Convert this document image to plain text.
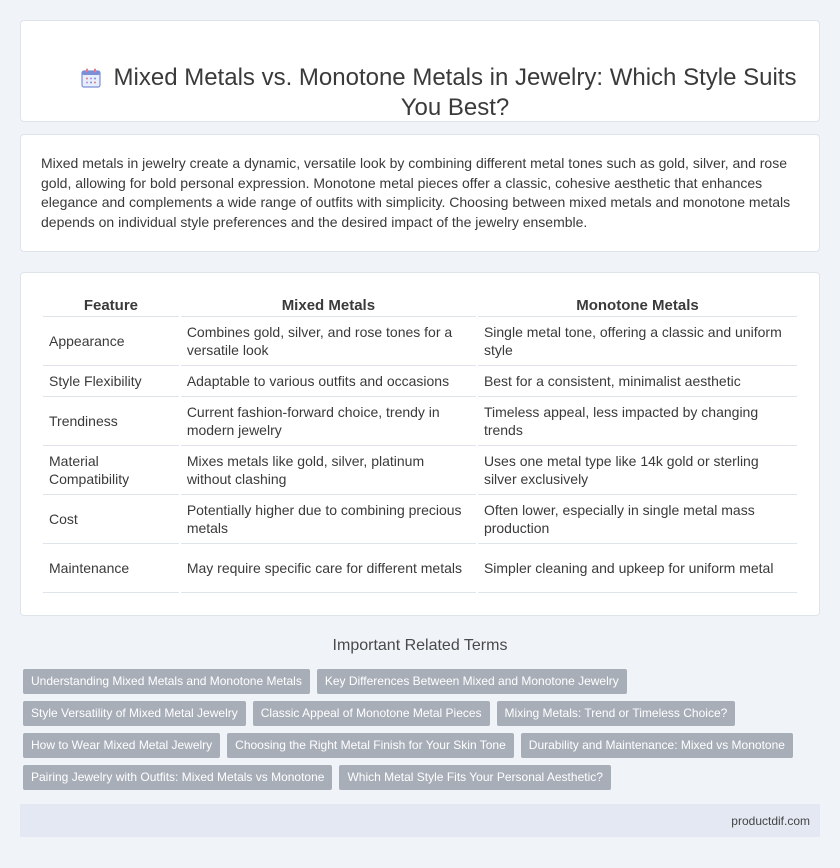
Mixed Metals vs. Monotone Metals in Jewelry: Which Style Suits You Best?

Mixed metals in jewelry create a dynamic, versatile look by combining different metal tones such as gold, silver, and rose gold, allowing for bold personal expression. Monotone metal pieces offer a classic, cohesive aesthetic that enhances elegance and complements a wide range of outfits with simplicity. Choosing between mixed metals and monotone metals depends on individual style preferences and the desired impact of the jewelry ensemble.

Feature	Mixed Metals	Monotone Metals
Appearance	Combines gold, silver, and rose tones for a versatile look	Single metal tone, offering a classic and uniform style
Style Flexibility	Adaptable to various outfits and occasions	Best for a consistent, minimalist aesthetic
Trendiness	Current fashion-forward choice, trendy in modern jewelry	Timeless appeal, less impacted by changing trends
Material Compatibility	Mixes metals like gold, silver, platinum without clashing	Uses one metal type like 14k gold or sterling silver exclusively
Cost	Potentially higher due to combining precious metals	Often lower, especially in single metal mass production
Maintenance	May require specific care for different metals	Simpler cleaning and upkeep for uniform metal
Important Related Terms
Understanding Mixed Metals and Monotone Metals Key Differences Between Mixed and Monotone Jewelry
Style Versatility of Mixed Metal Jewelry Classic Appeal of Monotone Metal Pieces Mixing Metals: Trend or Timeless Choice?
How to Wear Mixed Metal Jewelry Choosing the Right Metal Finish for Your Skin Tone Durability and Maintenance: Mixed vs Monotone
Pairing Jewelry with Outfits: Mixed Metals vs Monotone Which Metal Style Fits Your Personal Aesthetic?
productdif.com
